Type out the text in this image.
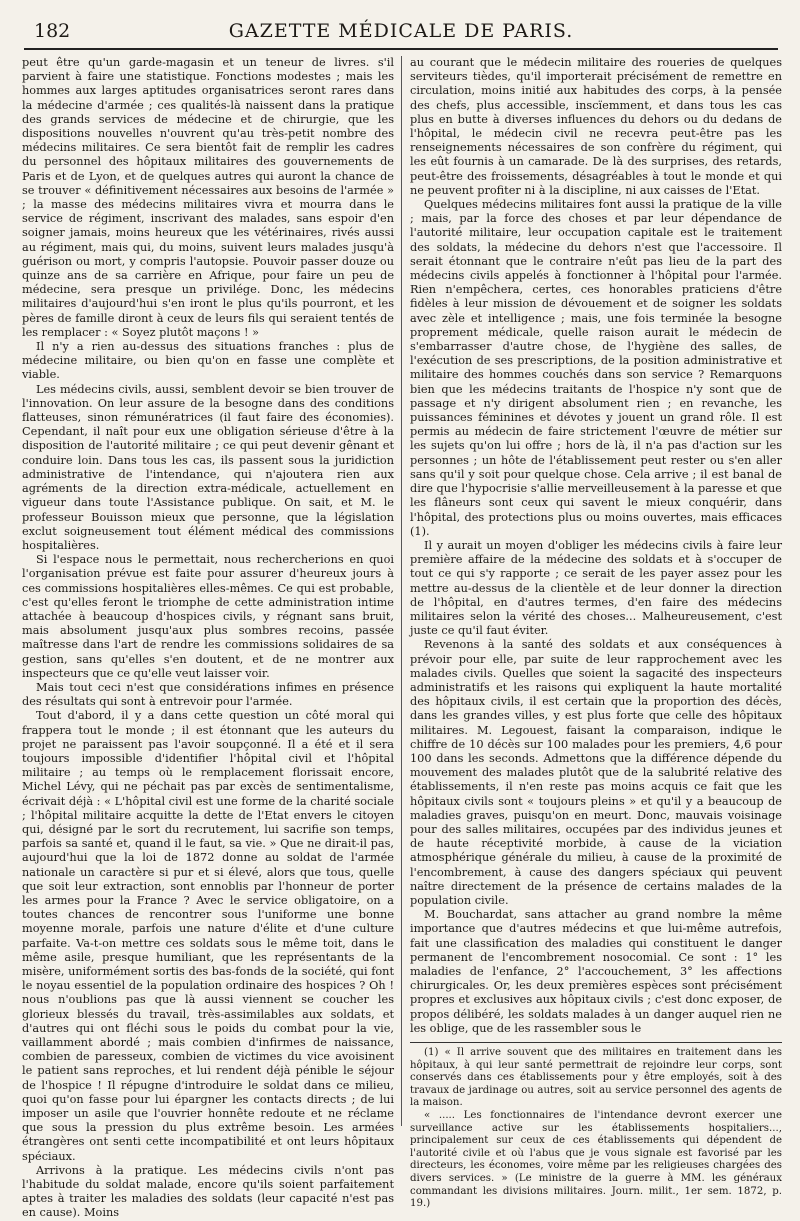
182	GAZETTE MÉDICALE DE PARIS.

peut être qu'un garde-magasin et un teneur de livres. s'il parvient à faire une statistique. Fonctions modestes ; mais les hommes aux larges aptitudes organisatrices seront rares dans la médecine d'armée ; ces qualités-là naissent dans la pratique des grands services de médecine et de chirurgie, que les dispositions nouvelles n'ouvrent qu'au très-petit nombre des médecins militaires. Ce sera bientôt fait de remplir les cadres du personnel des hôpitaux militaires des gouvernements de Paris et de Lyon, et de quelques autres qui auront la chance de se trouver « définitivement nécessaires aux besoins de l'armée » ; la masse des médecins militaires vivra et mourra dans le service de régiment, inscrivant des malades, sans espoir d'en soigner jamais, moins heureux que les vétérinaires, rivés aussi au régiment, mais qui, du moins, suivent leurs malades jusqu'à guérison ou mort, y compris l'autopsie. Pouvoir passer douze ou quinze ans de sa carrière en Afrique, pour faire un peu de médecine, sera presque un privilége. Donc, les médecins militaires d'aujourd'hui s'en iront le plus qu'ils pourront, et les pères de famille diront à ceux de leurs fils qui seraient tentés de les remplacer : « Soyez plutôt maçons ! »

Il n'y a rien au-dessus des situations franches : plus de médecine militaire, ou bien qu'on en fasse une complète et viable.

Les médecins civils, aussi, semblent devoir se bien trouver de l'innovation. On leur assure de la besogne dans des conditions flatteuses, sinon rémunératrices (il faut faire des économies). Cependant, il naît pour eux une obligation sérieuse d'être à la disposition de l'autorité militaire ; ce qui peut devenir gênant et conduire loin. Dans tous les cas, ils passent sous la juridiction administrative de l'intendance, qui n'ajoutera rien aux agréments de la direction extra-médicale, actuellement en vigueur dans toute l'Assistance publique. On sait, et M. le professeur Bouisson mieux que personne, que la législation exclut soigneusement tout élément médical des commissions hospitalières.

Si l'espace nous le permettait, nous rechercherions en quoi l'organisation prévue est faite pour assurer d'heureux jours à ces commissions hospitalières elles-mêmes. Ce qui est probable, c'est qu'elles feront le triomphe de cette administration intime attachée à beaucoup d'hospices civils, y régnant sans bruit, mais absolument jusqu'aux plus sombres recoins, passée maîtresse dans l'art de rendre les commissions solidaires de sa gestion, sans qu'elles s'en doutent, et de ne montrer aux inspecteurs que ce qu'elle veut laisser voir.

Mais tout ceci n'est que considérations infimes en présence des résultats qui sont à entrevoir pour l'armée.

Tout d'abord, il y a dans cette question un côté moral qui frappera tout le monde ; il est étonnant que les auteurs du projet ne paraissent pas l'avoir soupçonné. Il a été et il sera toujours impossible d'identifier l'hôpital civil et l'hôpital militaire ; au temps où le remplacement florissait encore, Michel Lévy, qui ne péchait pas par excès de sentimentalisme, écrivait déjà : « L'hôpital civil est une forme de la charité sociale ; l'hôpital militaire acquitte la dette de l'Etat envers le citoyen qui, désigné par le sort du recrutement, lui sacrifie son temps, parfois sa santé et, quand il le faut, sa vie. » Que ne dirait-il pas, aujourd'hui que la loi de 1872 donne au soldat de l'armée nationale un caractère si pur et si élevé, alors que tous, quelle que soit leur extraction, sont ennoblis par l'honneur de porter les armes pour la France ? Avec le service obligatoire, on a toutes chances de rencontrer sous l'uniforme une bonne moyenne morale, parfois une nature d'élite et d'une culture parfaite. Va-t-on mettre ces soldats sous le même toit, dans le même asile, presque humiliant, que les représentants de la misère, uniformément sortis des bas-fonds de la société, qui font le noyau essentiel de la population ordinaire des hospices ? Oh ! nous n'oublions pas que là aussi viennent se coucher les glorieux blessés du travail, très-assimilables aux soldats, et d'autres qui ont fléchi sous le poids du combat pour la vie, vaillamment abordé ; mais combien d'infirmes de naissance, combien de paresseux, combien de victimes du vice avoisinent le patient sans reproches, et lui rendent déjà pénible le séjour de l'hospice ! Il répugne d'introduire le soldat dans ce milieu, quoi qu'on fasse pour lui épargner les contacts directs ; de lui imposer un asile que l'ouvrier honnête redoute et ne réclame que sous la pression du plus extrême besoin. Les armées étrangères ont senti cette incompatibilité et ont leurs hôpitaux spéciaux.

Arrivons à la pratique. Les médecins civils n'ont pas l'habitude du soldat malade, encore qu'ils soient parfaitement aptes à traiter les maladies des soldats (leur capacité n'est pas en cause). Moins

au courant que le médecin militaire des roueries de quelques serviteurs tièdes, qu'il importerait précisément de remettre en circulation, moins initié aux habitudes des corps, à la pensée des chefs, plus accessible, inscïemment, et dans tous les cas plus en butte à diverses influences du dehors ou du dedans de l'hôpital, le médecin civil ne recevra peut-être pas les renseignements nécessaires de son confrère du régiment, qui les eût fournis à un camarade. De là des surprises, des retards, peut-être des froissements, désagréables à tout le monde et qui ne peuvent profiter ni à la discipline, ni aux caisses de l'Etat.

Quelques médecins militaires font aussi la pratique de la ville ; mais, par la force des choses et par leur dépendance de l'autorité militaire, leur occupation capitale est le traitement des soldats, la médecine du dehors n'est que l'accessoire. Il serait étonnant que le contraire n'eût pas lieu de la part des médecins civils appelés à fonctionner à l'hôpital pour l'armée. Rien n'empêchera, certes, ces honorables praticiens d'être fidèles à leur mission de dévouement et de soigner les soldats avec zèle et intelligence ; mais, une fois terminée la besogne proprement médicale, quelle raison aurait le médecin de s'embarrasser d'autre chose, de l'hygiène des salles, de l'exécution de ses prescriptions, de la position administrative et militaire des hommes couchés dans son service ? Remarquons bien que les médecins traitants de l'hospice n'y sont que de passage et n'y dirigent absolument rien ; en revanche, les puissances féminines et dévotes y jouent un grand rôle. Il est permis au médecin de faire strictement l'œuvre de métier sur les sujets qu'on lui offre ; hors de là, il n'a pas d'action sur les personnes ; un hôte de l'établissement peut rester ou s'en aller sans qu'il y soit pour quelque chose. Cela arrive ; il est banal de dire que l'hypocrisie s'allie merveilleusement à la paresse et que les flâneurs sont ceux qui savent le mieux conquérir, dans l'hôpital, des protections plus ou moins ouvertes, mais efficaces (1).

Il y aurait un moyen d'obliger les médecins civils à faire leur première affaire de la médecine des soldats et à s'occuper de tout ce qui s'y rapporte ; ce serait de les payer assez pour les mettre au-dessus de la clientèle et de leur donner la direction de l'hôpital, en d'autres termes, d'en faire des médecins militaires selon la vérité des choses... Malheureusement, c'est juste ce qu'il faut éviter.

Revenons à la santé des soldats et aux conséquences à prévoir pour elle, par suite de leur rapprochement avec les malades civils. Quelles que soient la sagacité des inspecteurs administratifs et les raisons qui expliquent la haute mortalité des hôpitaux civils, il est certain que la proportion des décès, dans les grandes villes, y est plus forte que celle des hôpitaux militaires. M. Legouest, faisant la comparaison, indique le chiffre de 10 décès sur 100 malades pour les premiers, 4,6 pour 100 dans les seconds. Admettons que la différence dépende du mouvement des malades plutôt que de la salubrité relative des établissements, il n'en reste pas moins acquis ce fait que les hôpitaux civils sont « toujours pleins » et qu'il y a beaucoup de maladies graves, puisqu'on en meurt. Donc, mauvais voisinage pour des salles militaires, occupées par des individus jeunes et de haute réceptivité morbide, à cause de la viciation atmosphérique générale du milieu, à cause de la proximité de l'encombrement, à cause des dangers spéciaux qui peuvent naître directement de la présence de certains malades de la population civile.

M. Bouchardat, sans attacher au grand nombre la même importance que d'autres médecins et que lui-même autrefois, fait une classification des maladies qui constituent le danger permanent de l'encombrement nosocomial. Ce sont : 1° les maladies de l'enfance, 2° l'accouchement, 3° les affections chirurgicales. Or, les deux premières espèces sont précisément propres et exclusives aux hôpitaux civils ; c'est donc exposer, de propos délibéré, les soldats malades à un danger auquel rien ne les oblige, que de les rassembler sous le

(1) « Il arrive souvent que des militaires en traitement dans les hôpitaux, à qui leur santé permettrait de rejoindre leur corps, sont conservés dans ces établissements pour y être employés, soit à des travaux de jardinage ou autres, soit au service personnel des agents de la maison.

« ..... Les fonctionnaires de l'intendance devront exercer une surveillance active sur les établissements hospitaliers..., principalement sur ceux de ces établissements qui dépendent de l'autorité civile et où l'abus que je vous signale est favorisé par les directeurs, les économes, voire même par les religieuses chargées des divers services. » (Le ministre de la guerre à MM. les généraux commandant les divisions militaires. Journ. milit., 1er sem. 1872, p. 19.)
